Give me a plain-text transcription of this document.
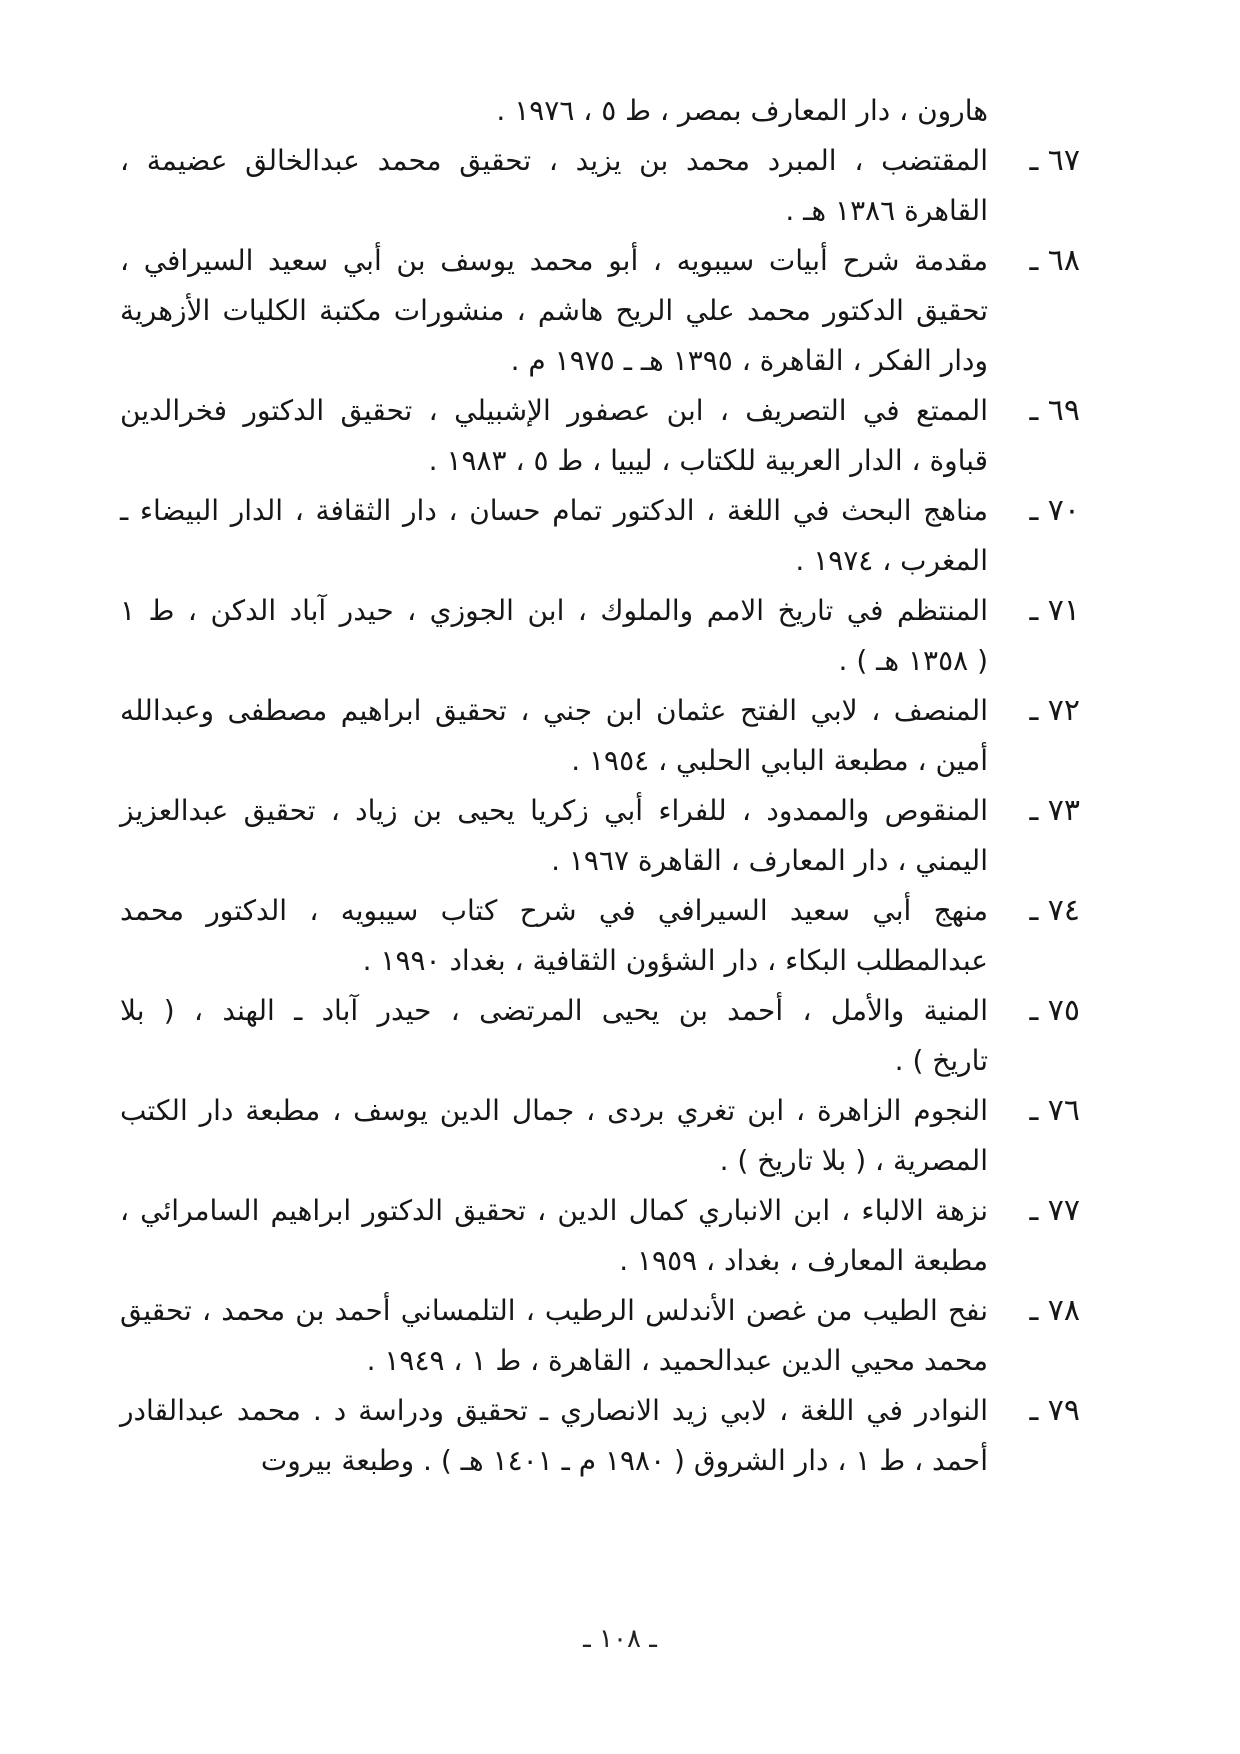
هارون ، دار المعارف بمصر ، ط ٥ ، ١٩٧٦ .
٦٧ ـ
المقتضب ، المبرد محمد بن يزيد ، تحقيق محمد عبدالخالق عضيمة ،
القاهرة ١٣٨٦ هـ .
٦٨ ـ
مقدمة شرح أبيات سيبويه ، أبو محمد يوسف بن أبي سعيد السيرافي ،
تحقيق الدكتور محمد علي الريح هاشم ، منشورات مكتبة الكليات الأزهرية
ودار الفكر ، القاهرة ، ١٣٩٥ هـ ـ ١٩٧٥ م .
٦٩ ـ
الممتع في التصريف ، ابن عصفور الإشبيلي ، تحقيق الدكتور فخرالدين
قباوة ، الدار العربية للكتاب ، ليبيا ، ط ٥ ، ١٩٨٣ .
٧٠ ـ
مناهج البحث في اللغة ، الدكتور تمام حسان ، دار الثقافة ، الدار البيضاء ـ
المغرب ، ١٩٧٤ .
٧١ ـ
المنتظم في تاريخ الامم والملوك ، ابن الجوزي ، حيدر آباد الدكن ، ط ١
( ١٣٥٨ هـ ) .
٧٢ ـ
المنصف ، لابي الفتح عثمان ابن جني ، تحقيق ابراهيم مصطفى وعبدالله
أمين ، مطبعة البابي الحلبي ، ١٩٥٤ .
٧٣ ـ
المنقوص والممدود ، للفراء أبي زكريا يحيى بن زياد ، تحقيق عبدالعزيز
اليمني ، دار المعارف ، القاهرة ١٩٦٧ .
٧٤ ـ
منهج أبي سعيد السيرافي في شرح كتاب سيبويه ، الدكتور محمد
عبدالمطلب البكاء ، دار الشؤون الثقافية ، بغداد ١٩٩٠ .
٧٥ ـ
المنية والأمل ، أحمد بن يحيى المرتضى ، حيدر آباد ـ الهند ، ( بلا
تاريخ ) .
٧٦ ـ
النجوم الزاهرة ، ابن تغري بردى ، جمال الدين يوسف ، مطبعة دار الكتب
المصرية ، ( بلا تاريخ ) .
٧٧ ـ
نزهة الالباء ، ابن الانباري كمال الدين ، تحقيق الدكتور ابراهيم السامرائي ،
مطبعة المعارف ، بغداد ، ١٩٥٩ .
٧٨ ـ
نفح الطيب من غصن الأندلس الرطيب ، التلمساني أحمد بن محمد ، تحقيق
محمد محيي الدين عبدالحميد ، القاهرة ، ط ١ ، ١٩٤٩ .
٧٩ ـ
النوادر في اللغة ، لابي زيد الانصاري ـ تحقيق ودراسة د . محمد عبدالقادر
أحمد ، ط ١ ، دار الشروق ( ١٩٨٠ م ـ ١٤٠١ هـ ) . وطبعة بيروت
ـ ١٠٨ ـ
